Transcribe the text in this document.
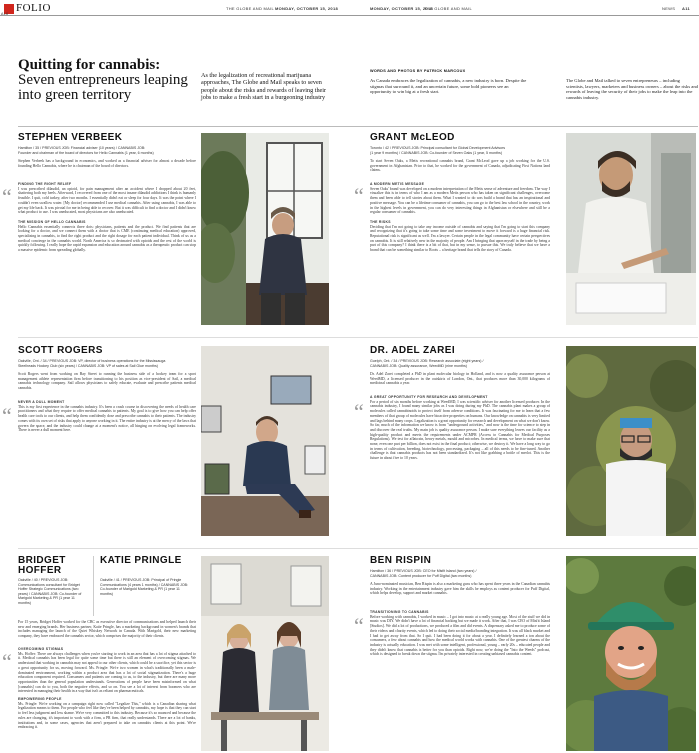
FOLIO
A16
THE GLOBE AND MAIL MONDAY, OCTOBER 15, 2018	MONDAY, OCTOBER 15, 2018
THE GLOBE AND MAIL	NEWS A11
Quitting for cannabis:
Seven entrepreneurs leaping into green territory
As the legalization of recreational marijuana approaches, The Globe and Mail speaks to seven people about the risks and rewards of leaving their jobs to make a fresh start in a burgeoning industry
WORDS AND PHOTOS BY PATRICK MARCOUX
As Canada embraces the legalization of cannabis, a new industry is born. Despite the stigmas that surround it, and an uncertain future, some bold pioneers see an opportunity to win big at a fresh start.
The Globe and Mail talked to seven entrepreneurs – including scientists, lawyers, marketers and business owners – about the risks and rewards of leaving the security of their jobs to make the leap into the cannabis industry.
STEPHEN VERBEEK
Hamilton / 35 / PREVIOUS JOB: Financial adviser (10 years) / CANNABIS JOB:
Founder and chairman of the board of directors for Hello Cannabis (1 year, 6 months)
Stephen Verbeek has a background in economics, and worked as a financial adviser for almost a decade before founding Hello Cannabis, where he is chairman of the board of directors.
“ FINDING THE RIGHT RELIEF
I was prescribed dilaudid, an opioid, for pain management after an accident where I dropped about 20 feet, shattering both my heels. Afterward, I recovered from one of the most insane dilaudid addictions I think is humanly feasible. I quit, cold turkey, after two months. I essentially didn't eat or sleep for four days. It was the point where I couldn't even swallow water. [My doctor] recommended I use medical cannabis. After using cannabis, I was able to get my life back. It was pivotal for me in being able to recover. But it was difficult to find a doctor and I didn't know what product to use. I was uneducated, most physicians are also uneducated.
THE MISSION OF HELLO CANNABIS
Hello Cannabis essentially connects three dots: physicians, patients and the product. We find patients that are looking for a doctor, and we connect them with a doctor that is CME (continuing medical education) approved, specializing in cannabis, to find the right product and the right dosage for each patient individual. Think of us as a medical concierge in the cannabis world. North America is so decimated with opioids and the rest of the world is quickly following. I really hope the rapid expansion and education around cannabis as a therapeutic product can stop a massive epidemic from spreading globally.
GRANT McLEOD
Toronto / 42 / PREVIOUS JOB: Principal consultant for Global Development Advisors
(1 year 9 months) / CANNABIS JOB: Co-founder of Seven Oaks (1 year, 5 months)
To start Seven Oaks, a Metis recreational cannabis brand, Grant McLeod gave up a job working for the U.S. government in Afghanistan. Prior to that, he worked for the government of Canada, adjudicating First Nations land claims.
“ A MODERN METIS MESSAGE
Seven Oaks' brand was developed on a modern interpretation of the Metis sense of adventure and freedom. The way I visualize this is in terms of who I am as a modern Metis person who has taken on significant challenges, overcome them and been able to tell stories about them. What I wanted to do was build a brand that has an inspirational and positive message. You can be a lifetime consumer of cannabis, you can go to the best law school in the country, work in the highest levels in government, you can do very interesting things in Afghanistan or elsewhere and still be a regular consumer of cannabis.
THE RISKS
Deciding that I'm not going to take any income outside of cannabis and saying that I'm going to start this company and recognizing that it's going to take some time and some investment to move it forward is a huge financial risk. Reputational risk is significant as well. I'm a lawyer. Certain people in the legal community have certain perspectives on cannabis. It is still relatively new in the majority of people. Am I bringing that upon myself in the trade by being a part of this company? I think there is a bit of that, but in my sense, to pursue this. We truly believe that we have a brand that can be something similar to Roots – a heritage brand that tells the story of Canada.
SCOTT ROGERS
Oakville, Ont. / 34 / PREVIOUS JOB: VP, director of business operations for the Mississauga
Steelheads Hockey Club (six years) / CANNABIS JOB: VP of sales at Sail Glue months)
Scott Rogers went from working on Bay Street to running the business side of a hockey team for a sport management athlete representation firm before transitioning to his position as vice-president of Sail, a medical cannabis technology company. Sail allows physicians to safely educate, evaluate and prescribe patients medical cannabis.
“
NEVER A DULL MOMENT
This is my first experience in the cannabis industry. It's been a crash course in discovering the needs of health care practitioners and what they require to offer medical cannabis to patients. My goal is to give how you can help offer health care tools to our clients, and help them confidently dose and prescribe cannabis to their patients. The industry comes with its own set of risks that apply to anyone working in it. The entire industry is at the mercy of the laws that govern the space, and the industry could change at a moment's notice, all hinging on evolving legal frameworks. There is never a dull moment here.
DR. ADEL ZAREI
Guelph, Ont. / 34 / PREVIOUS JOB: Research associate (eight years) /
CANNABIS JOB: Quality assurance, WeedMD (nine months)
Dr. Adel Zarei completed a PhD in plant molecular biology in Holland, and is now a quality assurance person at WeedMD, a licensed producer in the outskirts of London, Ont., that produces more than 30,000 kilograms of medicinal cannabis a year.
“
A GREAT OPPORTUNITY FOR RESEARCH AND DEVELOPMENT
For a period of six months before working at WeedMD, I was scientific adviser for another licensed producer. In the cannabis industry, I found many similar jobs as I was doing during my PhD. The cannabis plant makes a group of molecules called cannabinoids to protect itself from adverse conditions. It was fascinating for me to learn that a few members of that group of molecules have bioactive properties on humans. Our knowledge on cannabis is very limited and lags behind many crops. Legalization is a great opportunity for research and development on what we don't know. So far, much of the information we know is from "underground activities," and now is the time for science to step in and discover the real truths. My main job is quality assurance person. I make sure everything leaves our facility as a high-quality product and meets the requirements under ACMPR (Access to Cannabis for Medical Purposes Regulations). We test for aflatoxin, heavy metals, mould and microbes. In medical terms, we have to make sure that none, even one part per billion, does not exist in the final product; otherwise, we destroy it. We have a long way to go in terms of cultivation, breeding, biotechnology, processing, packaging – all of this needs to be fine-tuned. Another challenge is that cannabis products has not been standardized. It's not like grabbing a bottle of merlot. This is the future in about five to 10 years.
BRIDGET HOFFER
Oakville / 40 / PREVIOUS JOB: Communications consultant for Bridget Hoffer Strategic Communications (two years) / CANNABIS JOB: Co-founder of Marigold Marketing & PR (1 year 11 months)
KATIE PRINGLE
Oakville / 41 / PREVIOUS JOB: Principal of Pringle Communications (4 years 1 months) / CANNABIS JOB: Co-founder of Marigold Marketing & PR (1 year 11 months)
For 15 years, Bridget Hoffer worked for the CBC as executive director of communications and helped launch their new and emerging brands. Her business partner, Katie Pringle, has a marketing background in women's brands that includes managing the launch of the Quiet Whiskey Network in Canada. With Marigold, their new marketing company, they have embraced the cannabis sector, which comprises the majority of their clients.
“ OVERCOMING STIGMAS
Ms. Hoffer: There are always challenges when you're starting to work in an area that has a lot of stigma attached to it. Medical cannabis has been legal for quite some time but there is still an element of overcoming stigmas. We understand that working in cannabis may not appeal to our other clients, which could be a sacrifice, yet this sector is a great opportunity for us, moving forward. Ms. Pringle: We're two women in what's traditionally been a male-dominated environment, working within a product area that has a lot of social stigmatization. There's a huge education component required. Consumers and patients are coming to us, to the industry, but there are many more opportunities than the general population understands. Generations of people have been misinformed on what [cannabis] can do to you, both the negative effects, and so on. You see a lot of interest from boomers who are interested in managing their health in a way that isn't as reliant on pharmaceuticals.
EMPOWERING PEOPLE
Ms. Pringle: We're working on a campaign right now called "Legalize This," which is a Canadian sharing what legalization means to them. For people who feel like they've been helped by cannabis, my hope is that they can start to feel less judgment and less shame. We're very committed to this industry. Because it's so nuanced and because the rules are changing, it's important to work with a firm, a PR firm, that really understands. There are a lot of banks, institutions and, in some cases, agencies that aren't prepared to take on cannabis clients at this point. We're embracing it.
BEN RISPIN
Hamilton / 36 / PREVIOUS JOB: CEO for Misfit Island (two years) /
CANNABIS JOB: Content producer for Puff Digital (two months)
A Juno-nominated musician, Ben Rispin is also a marketing guru who has spent three years in the Canadian cannabis industry. Working in the entertainment industry gave him the skills he employs as content producer for Puff Digital, which helps develop, support and market cannabis.
“
TRANSITIONING TO CANNABIS
Before working with cannabis, I worked in music – I got into music at a really young age. Most of the stuff we did in music was DIY. We didn't have a lot of financial backing but we made it work. After that, I was CEO of Misfit Island [Studios]. We did a lot of productions, we produced a film and did events. A dispensary asked me to produce some of their videos and charity events, which led to doing their social media/branding integration. It was all black market and I had to get away from that. So I quit. I had been doing it for about a year. I definitely learned a ton about the consumers, a few about cannabis and how the medical world works with cannabis. One of the greatest charms of the industry is actually education. I was met with some intelligent, professional, young – early 20s – educated people and they didn't know that cannabis is better for you than opioids. Right now, we're doing the "Into the Weeds" podcast, which is designed to break down the stigma. I'm privately interested in creating unbiased cannabis content.
